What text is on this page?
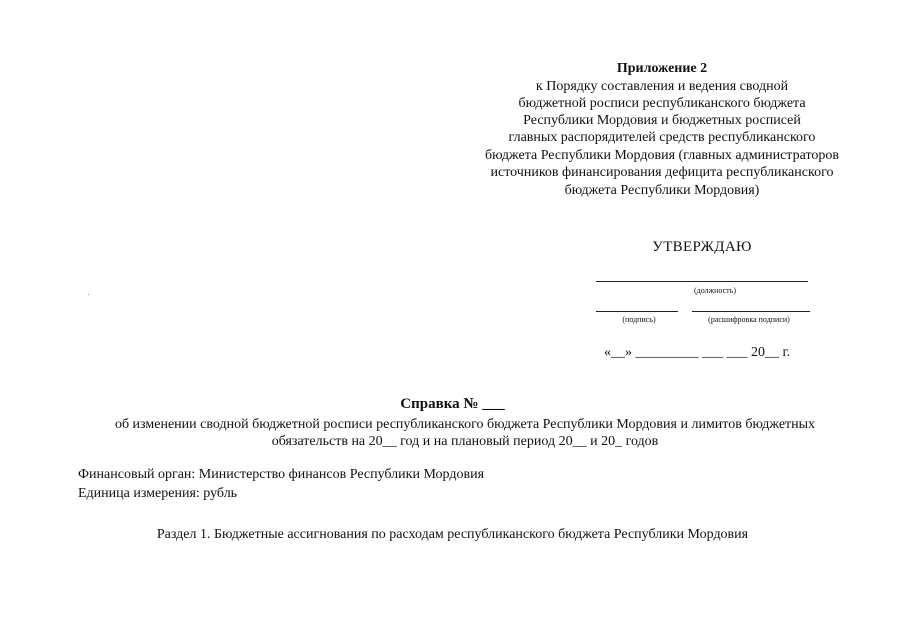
Приложение 2
к Порядку составления и ведения сводной
бюджетной росписи республиканского бюджета
Республики Мордовия и бюджетных росписей
главных распорядителей средств республиканского
бюджета Республики Мордовия (главных администраторов
источников финансирования дефицита республиканского
бюджета Республики Мордовия)
УТВЕРЖДАЮ
(должность)
(подпись)	(расшифровка подписи)
«__» _________ ___ ___ 20__ г.
Справка № ___
об изменении сводной бюджетной росписи республиканского бюджета Республики Мордовия и лимитов бюджетных
обязательств на 20__ год и на плановый период 20__ и 20_ годов
Финансовый орган: Министерство финансов Республики Мордовия
Единица измерения: рубль
Раздел 1. Бюджетные ассигнования по расходам республиканского бюджета Республики Мордовия
